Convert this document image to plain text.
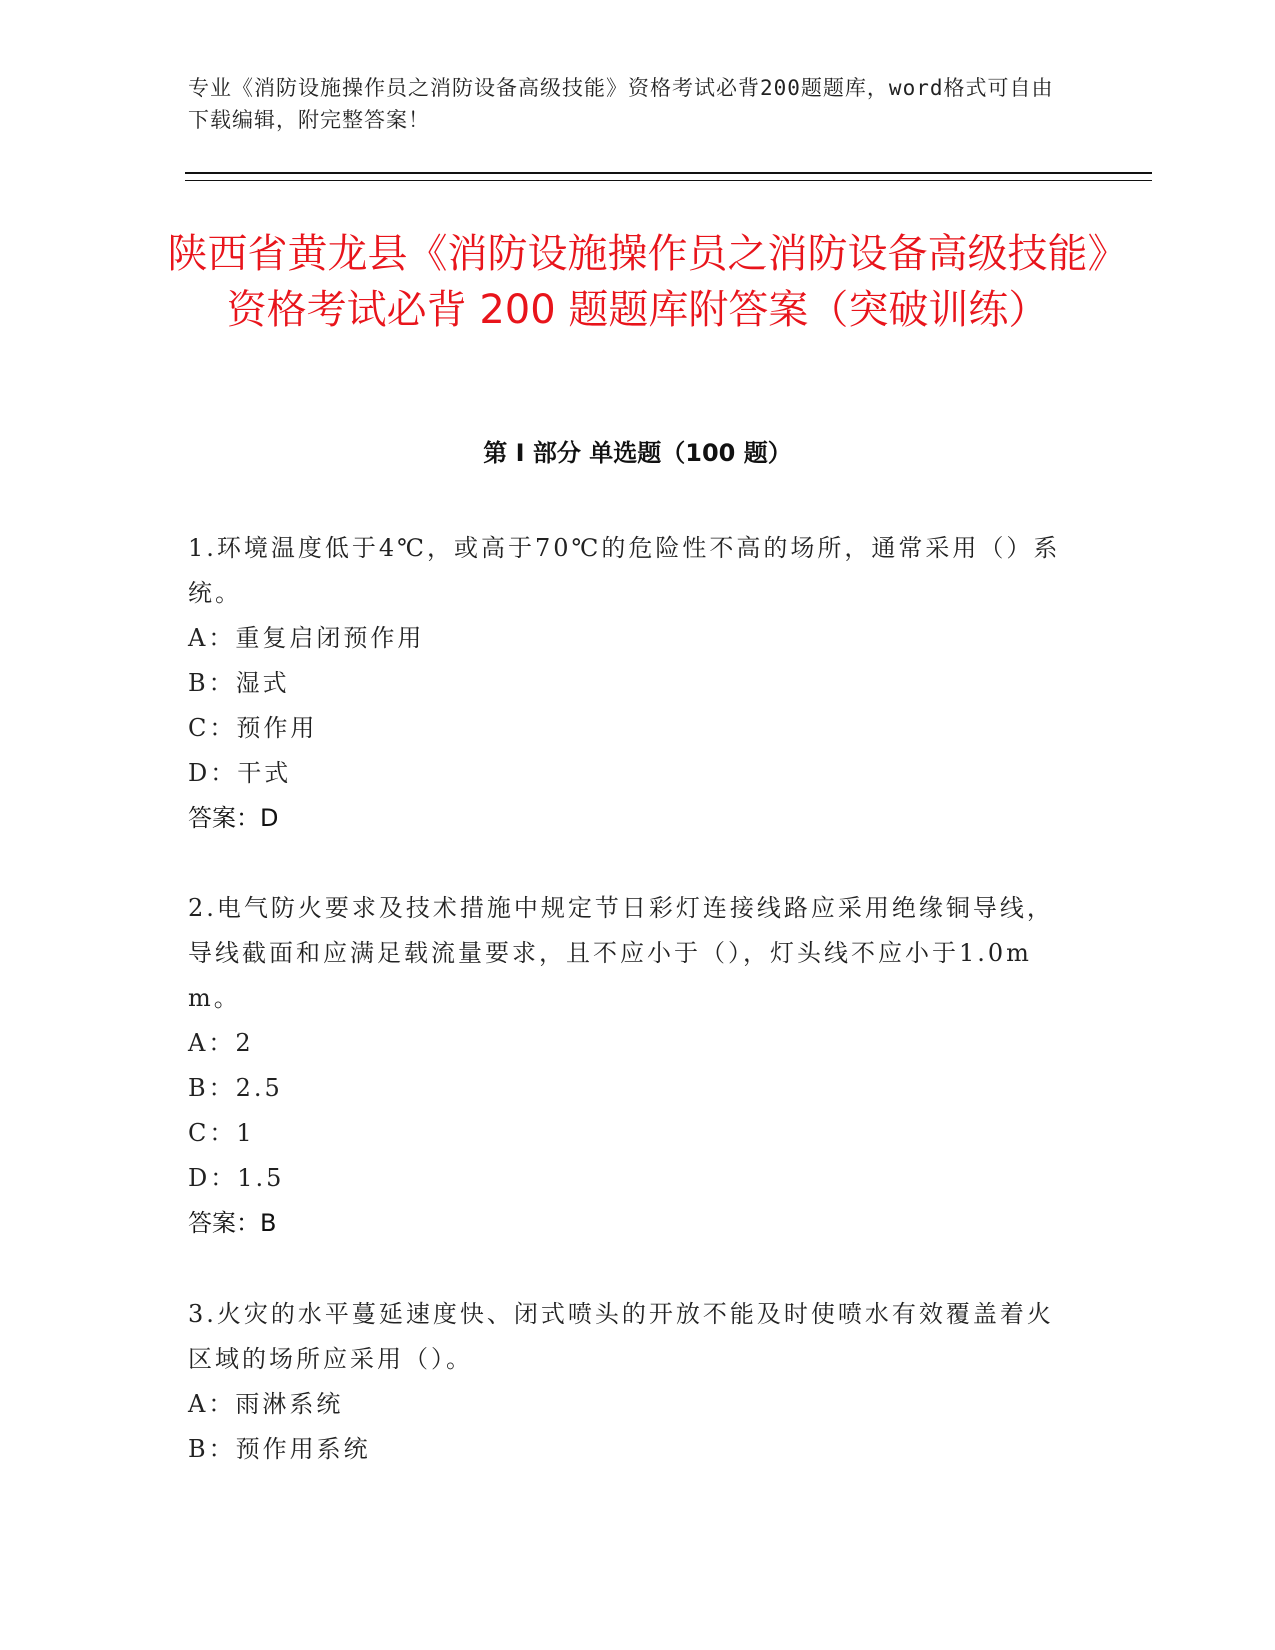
专业《消防设施操作员之消防设备高级技能》资格考试必背200题题库，word格式可自由下载编辑，附完整答案！
陕西省黄龙县《消防设施操作员之消防设备高级技能》资格考试必背 200 题题库附答案（突破训练）
第 I 部分 单选题（100 题）

1.环境温度低于4℃，或高于70℃的危险性不高的场所，通常采用（）系统。

A：重复启闭预作用

B：湿式

C：预作用

D：干式

答案：D

2.电气防火要求及技术措施中规定节日彩灯连接线路应采用绝缘铜导线，导线截面和应满足载流量要求，且不应小于（），灯头线不应小于1.0mm。

A：2

B：2.5

C：1

D：1.5

答案：B

3.火灾的水平蔓延速度快、闭式喷头的开放不能及时使喷水有效覆盖着火区域的场所应采用（）。

A：雨淋系统

B：预作用系统
